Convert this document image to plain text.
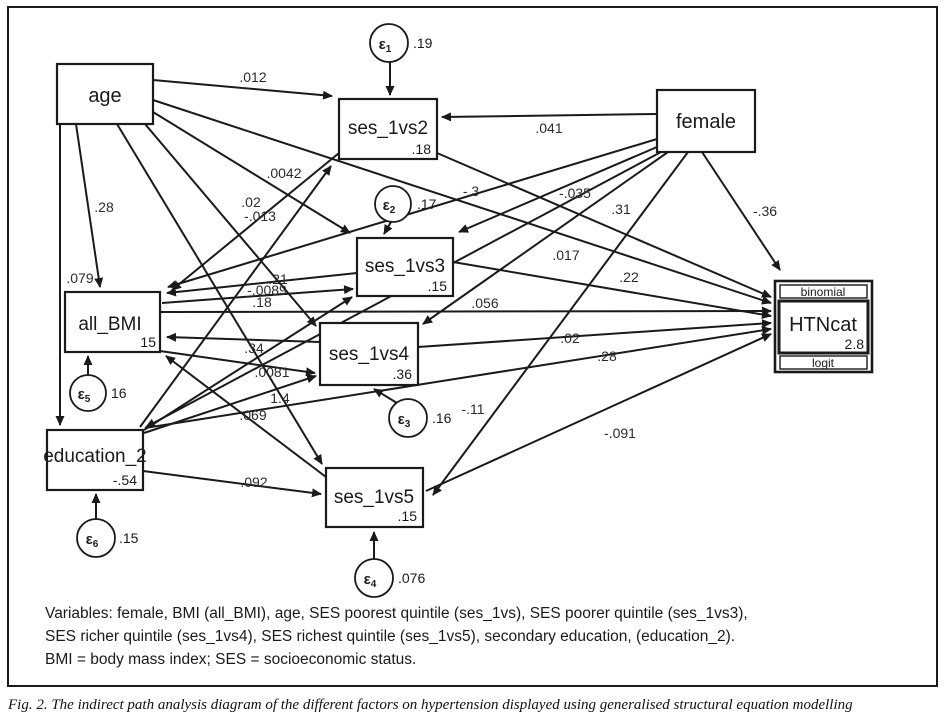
.012
.0042
.02
-.013
.28
.079
-.3
.041
-.035
.017
-.11
.21
-.36
.31
.18
-.0089
.34
.0081
.069
.056
.22
.02
-.091
1.4
.092
.28
age
female
ses_1vs2
.18
ses_1vs3
.15
all_BMI
15
ses_1vs4
.36
education_2
-.54
ses_1vs5
.15
binomial
HTNcat
2.8
logit
$\varepsilon_1$ .19
$\varepsilon_2$ .17
$\varepsilon_3$ .16
$\varepsilon_4$ .076
$\varepsilon_5$ 16
$\varepsilon_6$ .15
Variables: female, BMI (all_BMI), age, SES poorest quintile (ses_1vs), SES poorer quintile (ses_1vs3),
SES richer quintile (ses_1vs4), SES richest quintile (ses_1vs5), secondary education, (education_2).
BMI = body mass index; SES = socioeconomic status.
Fig. 2. The indirect path analysis diagram of the different factors on hypertension displayed using generalised structural equation modelling
